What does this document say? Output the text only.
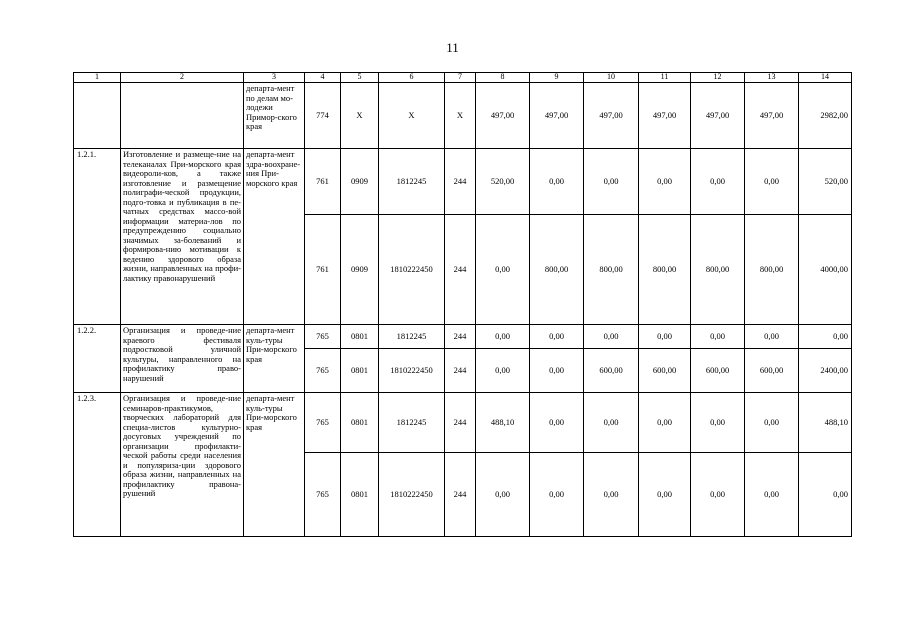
11
1	2	3	4	5	6	7	8	9	10	11	12	13	14
		департа-мент по делам мо-лодежи Примор-ского края	774	Х	Х	Х	497,00	497,00	497,00	497,00	497,00	497,00	2982,00
1.2.1.	Изготовление и размеще-ние на телеканалах При-морского края видеороли-ков, а также изготовление и размещение полиграфи-ческой продукции, подго-товка и публикация в пе-чатных средствах массо-вой информации материа-лов по предупреждению социально значимых за-болеваний и формирова-нию мотивации к ведению здорового образа жизни, направленных на профи-лактику правонарушений	департа-мент здра-воохране-ния При-морского края	761	0909	1812245	244	520,00	0,00	0,00	0,00	0,00	0,00	520,00
			761	0909	1810222450	244	0,00	800,00	800,00	800,00	800,00	800,00	4000,00
1.2.2.	Организация и проведе-ние краевого фестиваля подростковой уличной культуры, направленного на профилактику право-нарушений	департа-мент куль-туры При-морского края	765	0801	1812245	244	0,00	0,00	0,00	0,00	0,00	0,00	0,00
			765	0801	1810222450	244	0,00	0,00	600,00	600,00	600,00	600,00	2400,00
1.2.3.	Организация и проведе-ние семинаров-практикумов, творческих лабораторий для специа-листов культурно-досуговых учреждений по организации профилакти-ческой работы среди населения и популяриза-ции здорового образа жизни, направленных на профилактику правона-рушений	департа-мент куль-туры При-морского края	765	0801	1812245	244	488,10	0,00	0,00	0,00	0,00	0,00	488,10
			765	0801	1810222450	244	0,00	0,00	0,00	0,00	0,00	0,00	0,00
